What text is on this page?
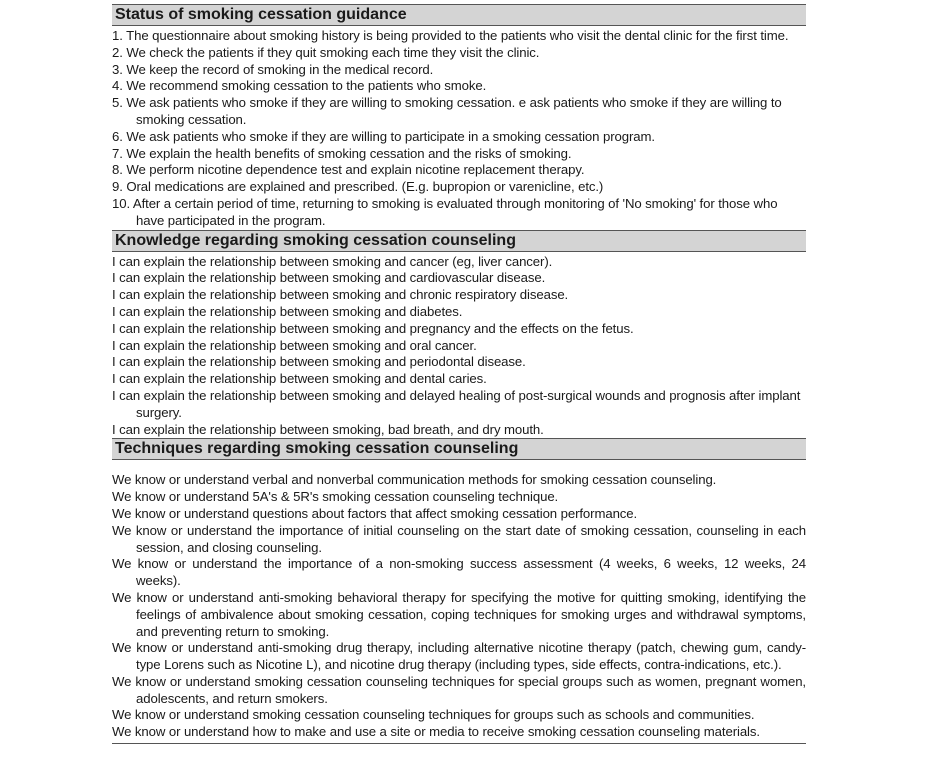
Status of smoking cessation guidance

1. The questionnaire about smoking history is being provided to the patients who visit the dental clinic for the first time.

2. We check the patients if they quit smoking each time they visit the clinic.

3. We keep the record of smoking in the medical record.

4. We recommend smoking cessation to the patients who smoke.

5. We ask patients who smoke if they are willing to smoking cessation. e ask patients who smoke if they are willing to smoking cessation.

6. We ask patients who smoke if they are willing to participate in a smoking cessation program.

7. We explain the health benefits of smoking cessation and the risks of smoking.

8. We perform nicotine dependence test and explain nicotine replacement therapy.

9. Oral medications are explained and prescribed. (E.g. bupropion or varenicline, etc.)

10. After a certain period of time, returning to smoking is evaluated through monitoring of 'No smoking' for those who have participated in the program.

Knowledge regarding smoking cessation counseling

I can explain the relationship between smoking and cancer (eg, liver cancer).

I can explain the relationship between smoking and cardiovascular disease.

I can explain the relationship between smoking and chronic respiratory disease.

I can explain the relationship between smoking and diabetes.

I can explain the relationship between smoking and pregnancy and the effects on the fetus.

I can explain the relationship between smoking and oral cancer.

I can explain the relationship between smoking and periodontal disease.

I can explain the relationship between smoking and dental caries.

I can explain the relationship between smoking and delayed healing of post-surgical wounds and prognosis after implant surgery.

I can explain the relationship between smoking, bad breath, and dry mouth.

Techniques regarding smoking cessation counseling

We know or understand verbal and nonverbal communication methods for smoking cessation counseling.

We know or understand 5A's & 5R's smoking cessation counseling technique.

We know or understand questions about factors that affect smoking cessation performance.

We know or understand the importance of initial counseling on the start date of smoking cessation, counseling in each session, and closing counseling.

We know or understand the importance of a non-smoking success assessment (4 weeks, 6 weeks, 12 weeks, 24 weeks).

We know or understand anti-smoking behavioral therapy for specifying the motive for quitting smoking, identifying the feelings of ambivalence about smoking cessation, coping techniques for smoking urges and withdrawal symptoms, and preventing return to smoking.

We know or understand anti-smoking drug therapy, including alternative nicotine therapy (patch, chewing gum, candy-type Lorens such as Nicotine L), and nicotine drug therapy (including types, side effects, contra-indications, etc.).

We know or understand smoking cessation counseling techniques for special groups such as women, pregnant women, adolescents, and return smokers.

We know or understand smoking cessation counseling techniques for groups such as schools and communities.

We know or understand how to make and use a site or media to receive smoking cessation counseling materials.
